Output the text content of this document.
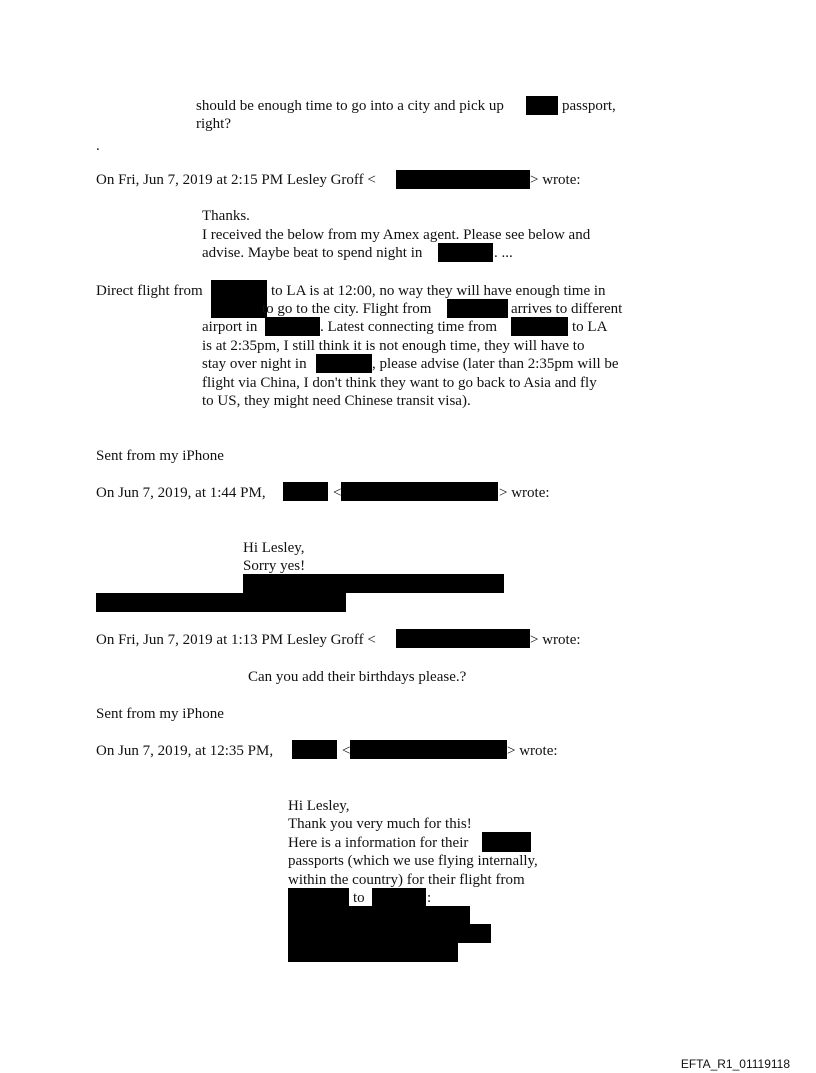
should be enough time to go into a city and pick up	passport,
right?
.
On Fri, Jun 7, 2019 at 2:15 PM Lesley Groff <	> wrote:
Thanks.
I received the below from my Amex agent. Please see below and
advise. Maybe beat to spend night in	. ...
Direct flight from	to LA is at 12:00, no way they will have enough time in
to go to the city. Flight from	arrives to different
airport in	. Latest connecting time from	to LA
is at 2:35pm, I still think it is not enough time, they will have to
stay over night in	, please advise (later than 2:35pm will be
flight via China, I don't think they want to go back to Asia and fly
to US, they might need Chinese transit visa).
Sent from my iPhone
On Jun 7, 2019, at 1:44 PM,	<	> wrote:
Hi Lesley,
Sorry yes!
On Fri, Jun 7, 2019 at 1:13 PM Lesley Groff <	> wrote:
Can you add their birthdays please.?
Sent from my iPhone
On Jun 7, 2019, at 12:35 PM,	<	> wrote:
Hi Lesley,
Thank you very much for this!
Here is a information for their
passports (which we use flying internally,
within the country) for their flight from
to	:
EFTA_R1_01119118
